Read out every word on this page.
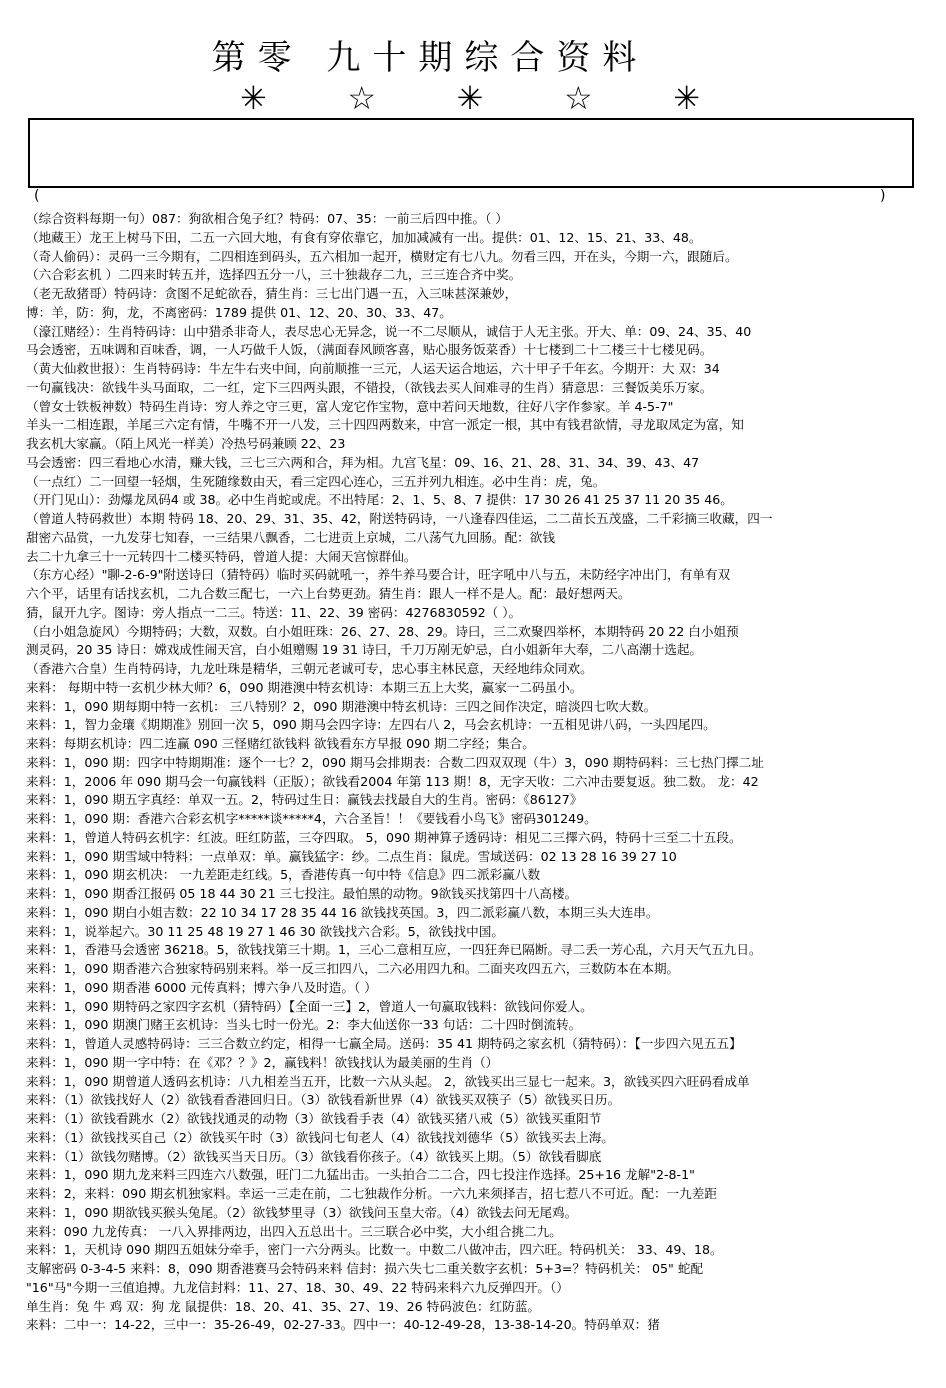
第零 九十期综合资料
✳	☆	✳	☆	✳
(	)
（综合资料每期一句）087：狗欲相合兔子红？特码：07、35：一前三后四中推。（ ）
（地藏王）龙王上树马下田，二五一六回大地，有食有穿依靠它，加加减减有一出。提供：01、12、15、21、33、48。
（奇人偷码）：灵码一三今期有，二四相连到码头，五六相加一起开，横财定有七八九。勿看三四，开在头，今期一六，跟随后。
（六合彩玄机 ）二四来时转五并，选择四五分一八，三十独裁存二九，三三连合齐中奖。
（老无敌猪哥）特码诗：贪图不足蛇欲吞，猜生肖：三七出门遇一五，入三味甚深兼妙，
博：羊，防：狗，龙，不离密码：1789 提供 01、12、20、30、33、47。
（濠江赌经）：生肖特码诗：山中猎杀非奇人，表尽忠心无异念，说一不二尽顺从，诚信于人无主张。开大、单：09、24、35、40
马会透密，五味调和百味香，调，一人巧做千人饭，（满面春风顾客喜，贴心服务饭菜香）十七楼到二十二楼三十七楼见码。
（黄大仙救世报）：生肖特码诗：牛左牛右夹中间，向前顺推一三元，人运天运合地运，六十甲子千年玄。今期开：大 双：34
一句赢钱决：欲钱牛头马面取，二一红，定下三四两头跟，不错投，（欲钱去买人间难寻的生肖）猜意思：三餐饭美乐万家。
（曾女士铁板神数）特码生肖诗：穷人养之守三更，富人宠它作宝物，意中若问天地数，往好八字作参家。羊 4-5-7"
羊头一二相连跟，羊尾三六定有情，牛嘴不开一八发，三十四四两数来，中宫一派定一根，其中有钱君欲情，寻龙取凤定为富，知
我玄机大家赢。（陌上风光一样美）冷热号码兼顾 22、23
马会透密：四三看地心水清，赚大钱，三七三六两和合，拜为相。九宫飞星：09、16、21、28、31、34、39、43、47
（一点红）二一回望一轻烟，生死随缘数由天，看三定四心连心，三五并列九相连。必中生肖：虎，兔。
（开门见山）：劲爆龙凤码4 或 38。必中生肖蛇或虎。不出特尾：2、1、5、8、7 提供：17 30 26 41 25 37 11 20 35 46。
（曾道人特码救世）本期 特码 18、20、29、31、35、42，附送特码诗，一八逢春四佳运，二二苗长五茂盛，二千彩摘三收藏，四一
甜密六品赏，一九发芽七知春，一三结果八飘香，二七进贡上京城，二八荡气九回肠。配：欲钱
去二十九拿三十一元转四十二楼买特码，曾道人提：大闹天宫惊群仙。
（东方心经）"聊-2-6-9"附送诗曰（猜特码）临时买码就吼一，养牛养马要合计，旺字吼中八与五，未防经字冲出门，有单有双
六个平，话里有话找玄机，二九合数三配七，一六上台势更劲。猜生肖：跟人一样不是人。配：最好想两天。
猜，鼠开九字。图诗：旁人指点一二三。特送：11、22、39 密码：4276830592（ ）。
（白小姐急旋风）今期特码；大数，双数。白小姐旺珠：26、27、28、29。诗曰，三二欢聚四举杯，本期特码 20 22 白小姐预
测灵码，20 35 诗日：嫦戏成性闹天宫，白小姐赠赐 19 31 诗曰，千刀万剐无妒忌，白小姐新年大奉，二八高潮十选起。
（香港六合皇）生肖特码诗，九龙吐珠是精华，三朝元老诚可专，忠心事主林民意，天经地纬众同欢。
来料： 每期中特一玄机少林大师？6，090 期港澳中特玄机诗：本期三五上大奖，赢家一二码虽小。
来料：1，090 期每期中特一玄机： 三八特别？2，090 期港澳中特玄机诗：三四之间作决定，暗淡四七吹大数。
来料：1，智力金瓖《期期准》别回一次 5，090 期马会四字诗：左四右八 2，马会玄机诗：一五相见讲八码，一头四尾四。
来料：每期玄机诗：四二连赢 090 三怪赌红欲钱料 欲钱看东方早报 090 期二字经；集合。
来料：1，090 期：四字中特期期准：逐个一七？2，090 期马会排期表：合数二四双双现（牛）3，090 期特码料：三七热门擇二址
来料：1，2006 年 090 期马会一句赢钱料（正版）；欲钱看2004 年第 113 期！8，无字天收：二六冲击要复返。独二数。 龙：42
来料：1，090 期五字真经：单双一五。2，特码过生日：赢钱去找最自大的生肖。密码：《86127》
来料：1，090 期：香港六合彩玄机字*****谈*****4，六合圣旨！！《要钱看小鸟飞》密码301249。
来料：1，曾道人特码玄机字：红波。旺红防蓝，三夺四取。 5，090 期神算子透码诗：相见二三擇六码，特码十三至二十五段。
来料：1，090 期雪域中特料：一点单双：单。赢钱猛字：纱。二点生肖：鼠虎。雪域送码：02 13 28 16 39 27 10
来料：1，090 期玄机决： 一九差距走红线。5，香港传真一句中特《信息》四二派彩赢八数
来料：1，090 期香江报码 05 18 44 30 21 三七投注。最怕黑的动物。9欲钱买找第四十八高楼。
来料：1，090 期白小姐吉数：22 10 34 17 28 35 44 16 欲钱找英国。3，四二派彩赢八数，本期三头大连串。
来料：1，说举起六。30 11 25 48 19 27 1 46 30 欲钱找六合彩。5，欲钱找中国。
来料：1，香港马会透密 36218。5，欲钱找第三十期。1，三心二意相互应，一四狂奔已隔断。寻二丢一芳心乱，六月天气五九日。
来料：1，090 期香港六合独家特码别来料。举一反三扣四八，二六必用四九和。二面夹攻四五六，三数防本在本期。
来料：1，090 期香港 6000 元传真料；博六争八及时造。（ ）
来料：1，090 期特码之家四字玄机（猜特码）【全面一三】2，曾道人一句赢取钱料：欲钱问你爱人。
来料：1，090 期澳门赌王玄机诗：当头七时一份光。2：李大仙送你一33 句话：二十四时倒流转。
来料：1，曾道人灵感特码诗：三三合数立约定，相得一七赢全局。送码：35 41 期特码之家玄机（猜特码）：【一步四六见五五】
来料：1，090 期一字中特：在《邓？？》2，赢钱料！欲钱找认为最美丽的生肖（）
来料：1，090 期曾道人透码玄机诗：八九相差当五开，比数一六从头起。 2，欲钱买出三显七一起来。3，欲钱买四六旺码看成单
来料：（1）欲钱找好人（2）欲钱看香港回归日。（3）欲钱看新世界（4）欲钱买双筷子（5）欲钱买日历。
来料：（1）欲钱看跳水（2）欲钱找通灵的动物（3）欲钱看手表（4）欲钱买猪八戒（5）欲钱买重阳节
来料：（1）欲钱找买自己（2）欲钱买午时（3）欲钱问七旬老人（4）欲钱找刘德华（5）欲钱买去上海。
来料：（1）欲钱勿赌博。（2）欲钱买当天日历。（3）欲钱看你孩子。（4）欲钱买上期。（5）欲钱看脚底
来料：1，090 期九龙来料三四连六八数强，旺门二九猛出击。一头拍合二二合，四七投注作选择。25+16 龙解"2-8-1"
来料：2，来料：090 期玄机独家料。幸运一三走在前，二七独裁作分析。一六九来须择吉，招七惹八不可近。配：一九差距
来料：1，090 期欲钱买猴头兔尾。（2）欲钱梦里寻（3）欲钱问玉皇大帝。（4）欲钱去问无尾鸡。
来料：090 九龙传真： 一八入界排两边，出四入五总出十。三三联合必中奖，大小组合挑二九。
来料：1，天机诗 090 期四五姐妹分牵手，密门一六分两头。比数一。中数二八做冲击，四六旺。特码机关： 33、49、18。
支解密码 0-3-4-5 来料：8，090 期香港赛马会特码来料 信封：损六失七二重关数字玄机：5+3=？特码机关： 05" 蛇配
"16"马"今期一三值追搏。九龙信封料：11、27、18、30、49、22 特码来料六九反弹四开。（）
单生肖：兔 牛 鸡 双：狗 龙 鼠提供：18、20、41、35、27、19、26 特码波色：红防蓝。
来料：二中一：14-22，三中一：35-26-49，02-27-33。四中一：40-12-49-28，13-38-14-20。特码单双：猪
